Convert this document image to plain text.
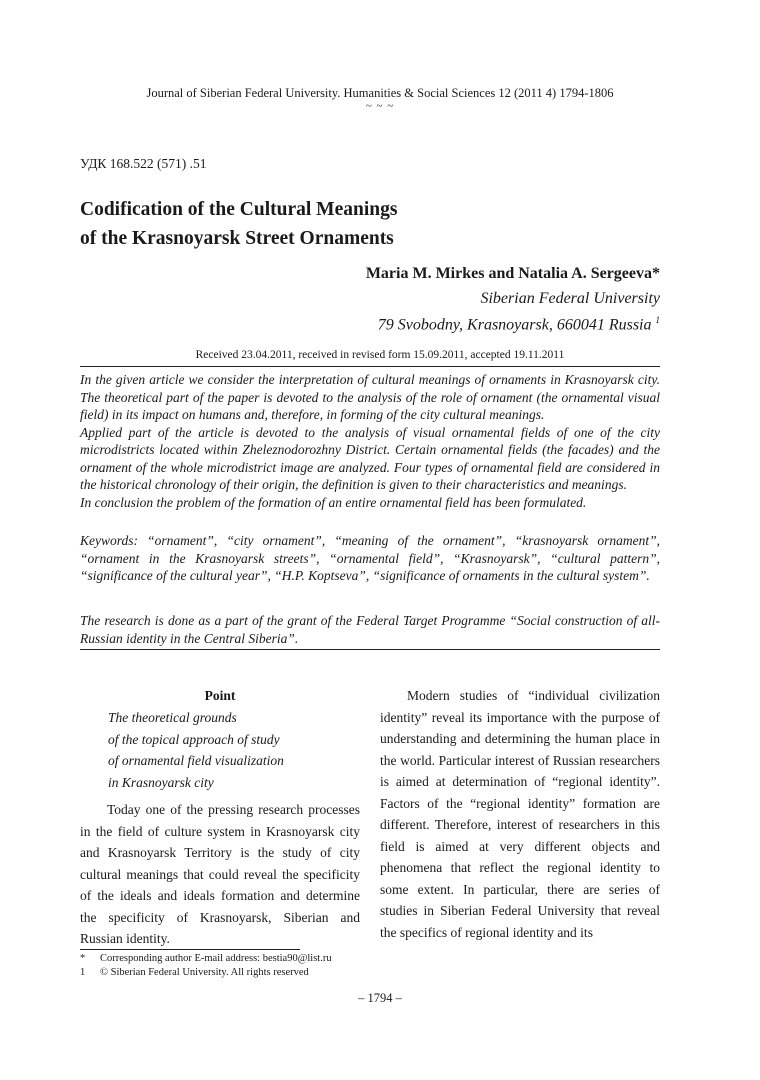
Journal of Siberian Federal University. Humanities & Social Sciences 12 (2011 4) 1794-1806
~ ~ ~
УДК 168.522 (571) .51
Codification of the Cultural Meanings
of the Krasnoyarsk Street Ornaments
Maria M. Mirkes and Natalia A. Sergeeva*
Siberian Federal University
79 Svobodny, Krasnoyarsk, 660041 Russia $^1$
Received 23.04.2011, received in revised form 15.09.2011, accepted 19.11.2011

In the given article we consider the interpretation of cultural meanings of ornaments in Krasnoyarsk city. The theoretical part of the paper is devoted to the analysis of the role of ornament (the ornamental visual field) in its impact on humans and, therefore, in forming of the city cultural meanings.

Applied part of the article is devoted to the analysis of visual ornamental fields of one of the city microdistricts located within Zheleznodorozhny District. Certain ornamental fields (the facades) and the ornament of the whole microdistrict image are analyzed. Four types of ornamental field are considered in the historical chronology of their origin, the definition is given to their characteristics and meanings.

In conclusion the problem of the formation of an entire ornamental field has been formulated.

Keywords: “ornament”, “city ornament”, “meaning of the ornament”, “krasnoyarsk ornament”, “ornament in the Krasnoyarsk streets”, “ornamental field”, “Krasnoyarsk”, “cultural pattern”, “significance of the cultural year”, “H.P. Koptseva”, “significance of ornaments in the cultural system”.

The research is done as a part of the grant of the Federal Target Programme “Social construction of all-Russian identity in the Central Siberia”.

Point
The theoretical grounds
of the topical approach of study
of ornamental field visualization
in Krasnoyarsk city

Today one of the pressing research processes in the field of culture system in Krasnoyarsk city and Krasnoyarsk Territory is the study of city cultural meanings that could reveal the specificity of the ideals and ideals formation and determine the specificity of Krasnoyarsk, Siberian and Russian identity.

Modern studies of “individual civilization identity” reveal its importance with the purpose of understanding and determining the human place in the world. Particular interest of Russian researchers is aimed at determination of “regional identity”. Factors of the “regional identity” formation are different. Therefore, interest of researchers in this field is aimed at very different objects and phenomena that reflect the regional identity to some extent. In particular, there are series of studies in Siberian Federal University that reveal the specifics of regional identity and its

* Corresponding author E-mail address: bestia90@list.ru
1 © Siberian Federal University. All rights reserved
– 1794 –
